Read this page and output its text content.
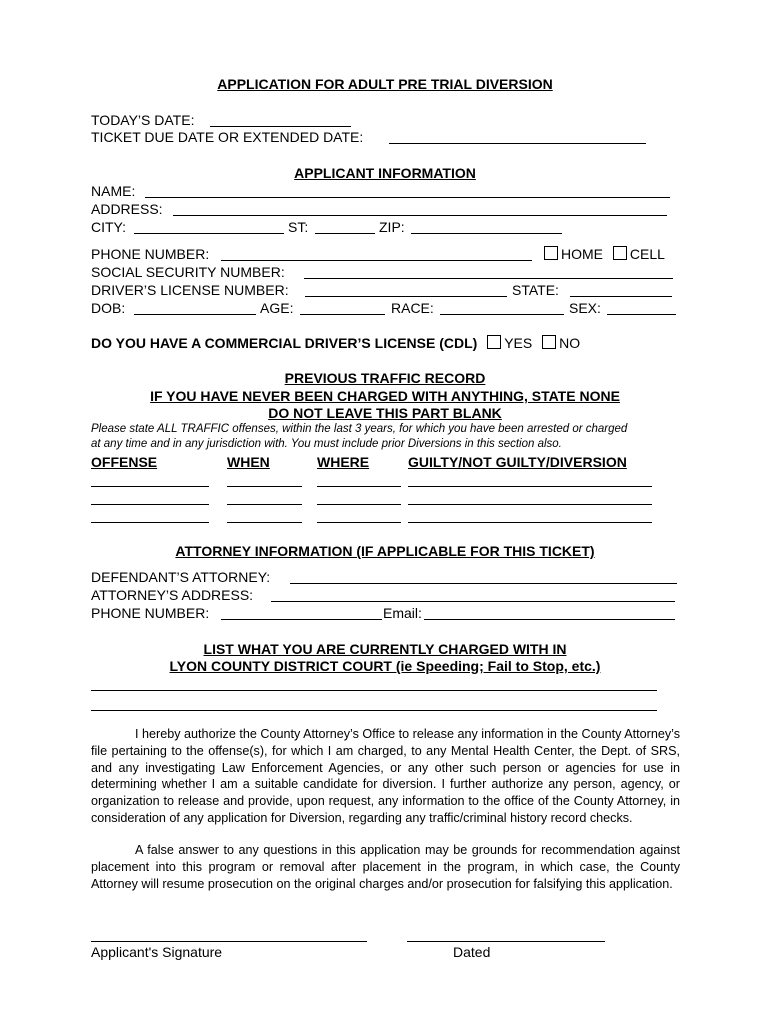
APPLICATION FOR ADULT PRE TRIAL DIVERSION
TODAY’S DATE:
TICKET DUE DATE OR EXTENDED DATE:
APPLICANT INFORMATION
NAME:
ADDRESS:
CITY:	ST:	ZIP:
PHONE NUMBER:	HOME CELL
SOCIAL SECURITY NUMBER:
DRIVER’S LICENSE NUMBER:	STATE:
DOB:	AGE:	RACE:	SEX:
DO YOU HAVE A COMMERCIAL DRIVER’S LICENSE (CDL) YES NO
PREVIOUS TRAFFIC RECORD
IF YOU HAVE NEVER BEEN CHARGED WITH ANYTHING, STATE NONE
DO NOT LEAVE THIS PART BLANK
Please state ALL TRAFFIC offenses, within the last 3 years, for which you have been arrested or charged
at any time and in any jurisdiction with. You must include prior Diversions in this section also.
OFFENSE	WHEN	WHERE	GUILTY/NOT GUILTY/DIVERSION
ATTORNEY INFORMATION (IF APPLICABLE FOR THIS TICKET)
DEFENDANT’S ATTORNEY:
ATTORNEY’S ADDRESS:
PHONE NUMBER:	Email:
LIST WHAT YOU ARE CURRENTLY CHARGED WITH IN
LYON COUNTY DISTRICT COURT (ie Speeding; Fail to Stop, etc.)
I hereby authorize the County Attorney’s Office to release any information in the County Attorney’s file pertaining to the offense(s), for which I am charged, to any Mental Health Center, the Dept. of SRS, and any investigating Law Enforcement Agencies, or any other such person or agencies for use in determining whether I am a suitable candidate for diversion. I further authorize any person, agency, or organization to release and provide, upon request, any information to the office of the County Attorney, in consideration of any application for Diversion, regarding any traffic/criminal history record checks.
A false answer to any questions in this application may be grounds for recommendation against placement into this program or removal after placement in the program, in which case, the County Attorney will resume prosecution on the original charges and/or prosecution for falsifying this application.
Applicant's Signature	Dated
